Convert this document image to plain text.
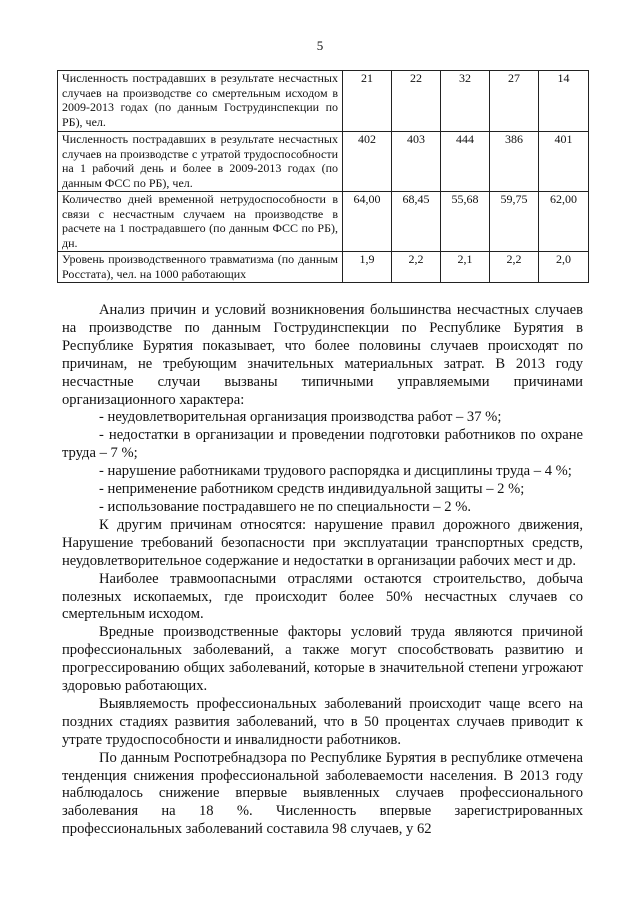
5
Численность пострадавших в результате несчастных случаев на производстве со смертельным исходом в 2009-2013 годах (по данным Гострудинспекции по РБ), чел.	21	22	32	27	14
Численность пострадавших в результате несчастных случаев на производстве с утратой трудоспособности на 1 рабочий день и более в 2009-2013 годах (по данным ФСС по РБ), чел.	402	403	444	386	401
Количество дней временной нетрудоспособности в связи с несчастным случаем на производстве в расчете на 1 пострадавшего (по данным ФСС по РБ), дн.	64,00	68,45	55,68	59,75	62,00
Уровень производственного травматизма (по данным Росстата), чел. на 1000 работающих	1,9	2,2	2,1	2,2	2,0

Анализ причин и условий возникновения большинства несчастных случаев на производстве по данным Гострудинспекции по Республике Бурятия в Республике Бурятия показывает, что более половины случаев происходят по причинам, не требующим значительных материальных затрат. В 2013 году несчастные случаи вызваны типичными управляемыми причинами организационного характера:

- неудовлетворительная организация производства работ – 37 %;

- недостатки в организации и проведении подготовки работников по охране труда – 7 %;

- нарушение работниками трудового распорядка и дисциплины труда – 4 %;

- неприменение работником средств индивидуальной защиты – 2 %;

- использование пострадавшего не по специальности – 2 %.

К другим причинам относятся: нарушение правил дорожного движения, Нарушение требований безопасности при эксплуатации транспортных средств, неудовлетворительное содержание и недостатки в организации рабочих мест и др.

Наиболее травмоопасными отраслями остаются строительство, добыча полезных ископаемых, где происходит более 50% несчастных случаев со смертельным исходом.

Вредные производственные факторы условий труда являются причиной профессиональных заболеваний, а также могут способствовать развитию и прогрессированию общих заболеваний, которые в значительной степени угрожают здоровью работающих.

Выявляемость профессиональных заболеваний происходит чаще всего на поздних стадиях развития заболеваний, что в 50 процентах случаев приводит к утрате трудоспособности и инвалидности работников.

По данным Роспотребнадзора по Республике Бурятия в республике отмечена тенденция снижения профессиональной заболеваемости населения. В 2013 году наблюдалось снижение впервые выявленных случаев профессионального заболевания на 18 %. Численность впервые зарегистрированных профессиональных заболеваний составила 98 случаев, у 62
